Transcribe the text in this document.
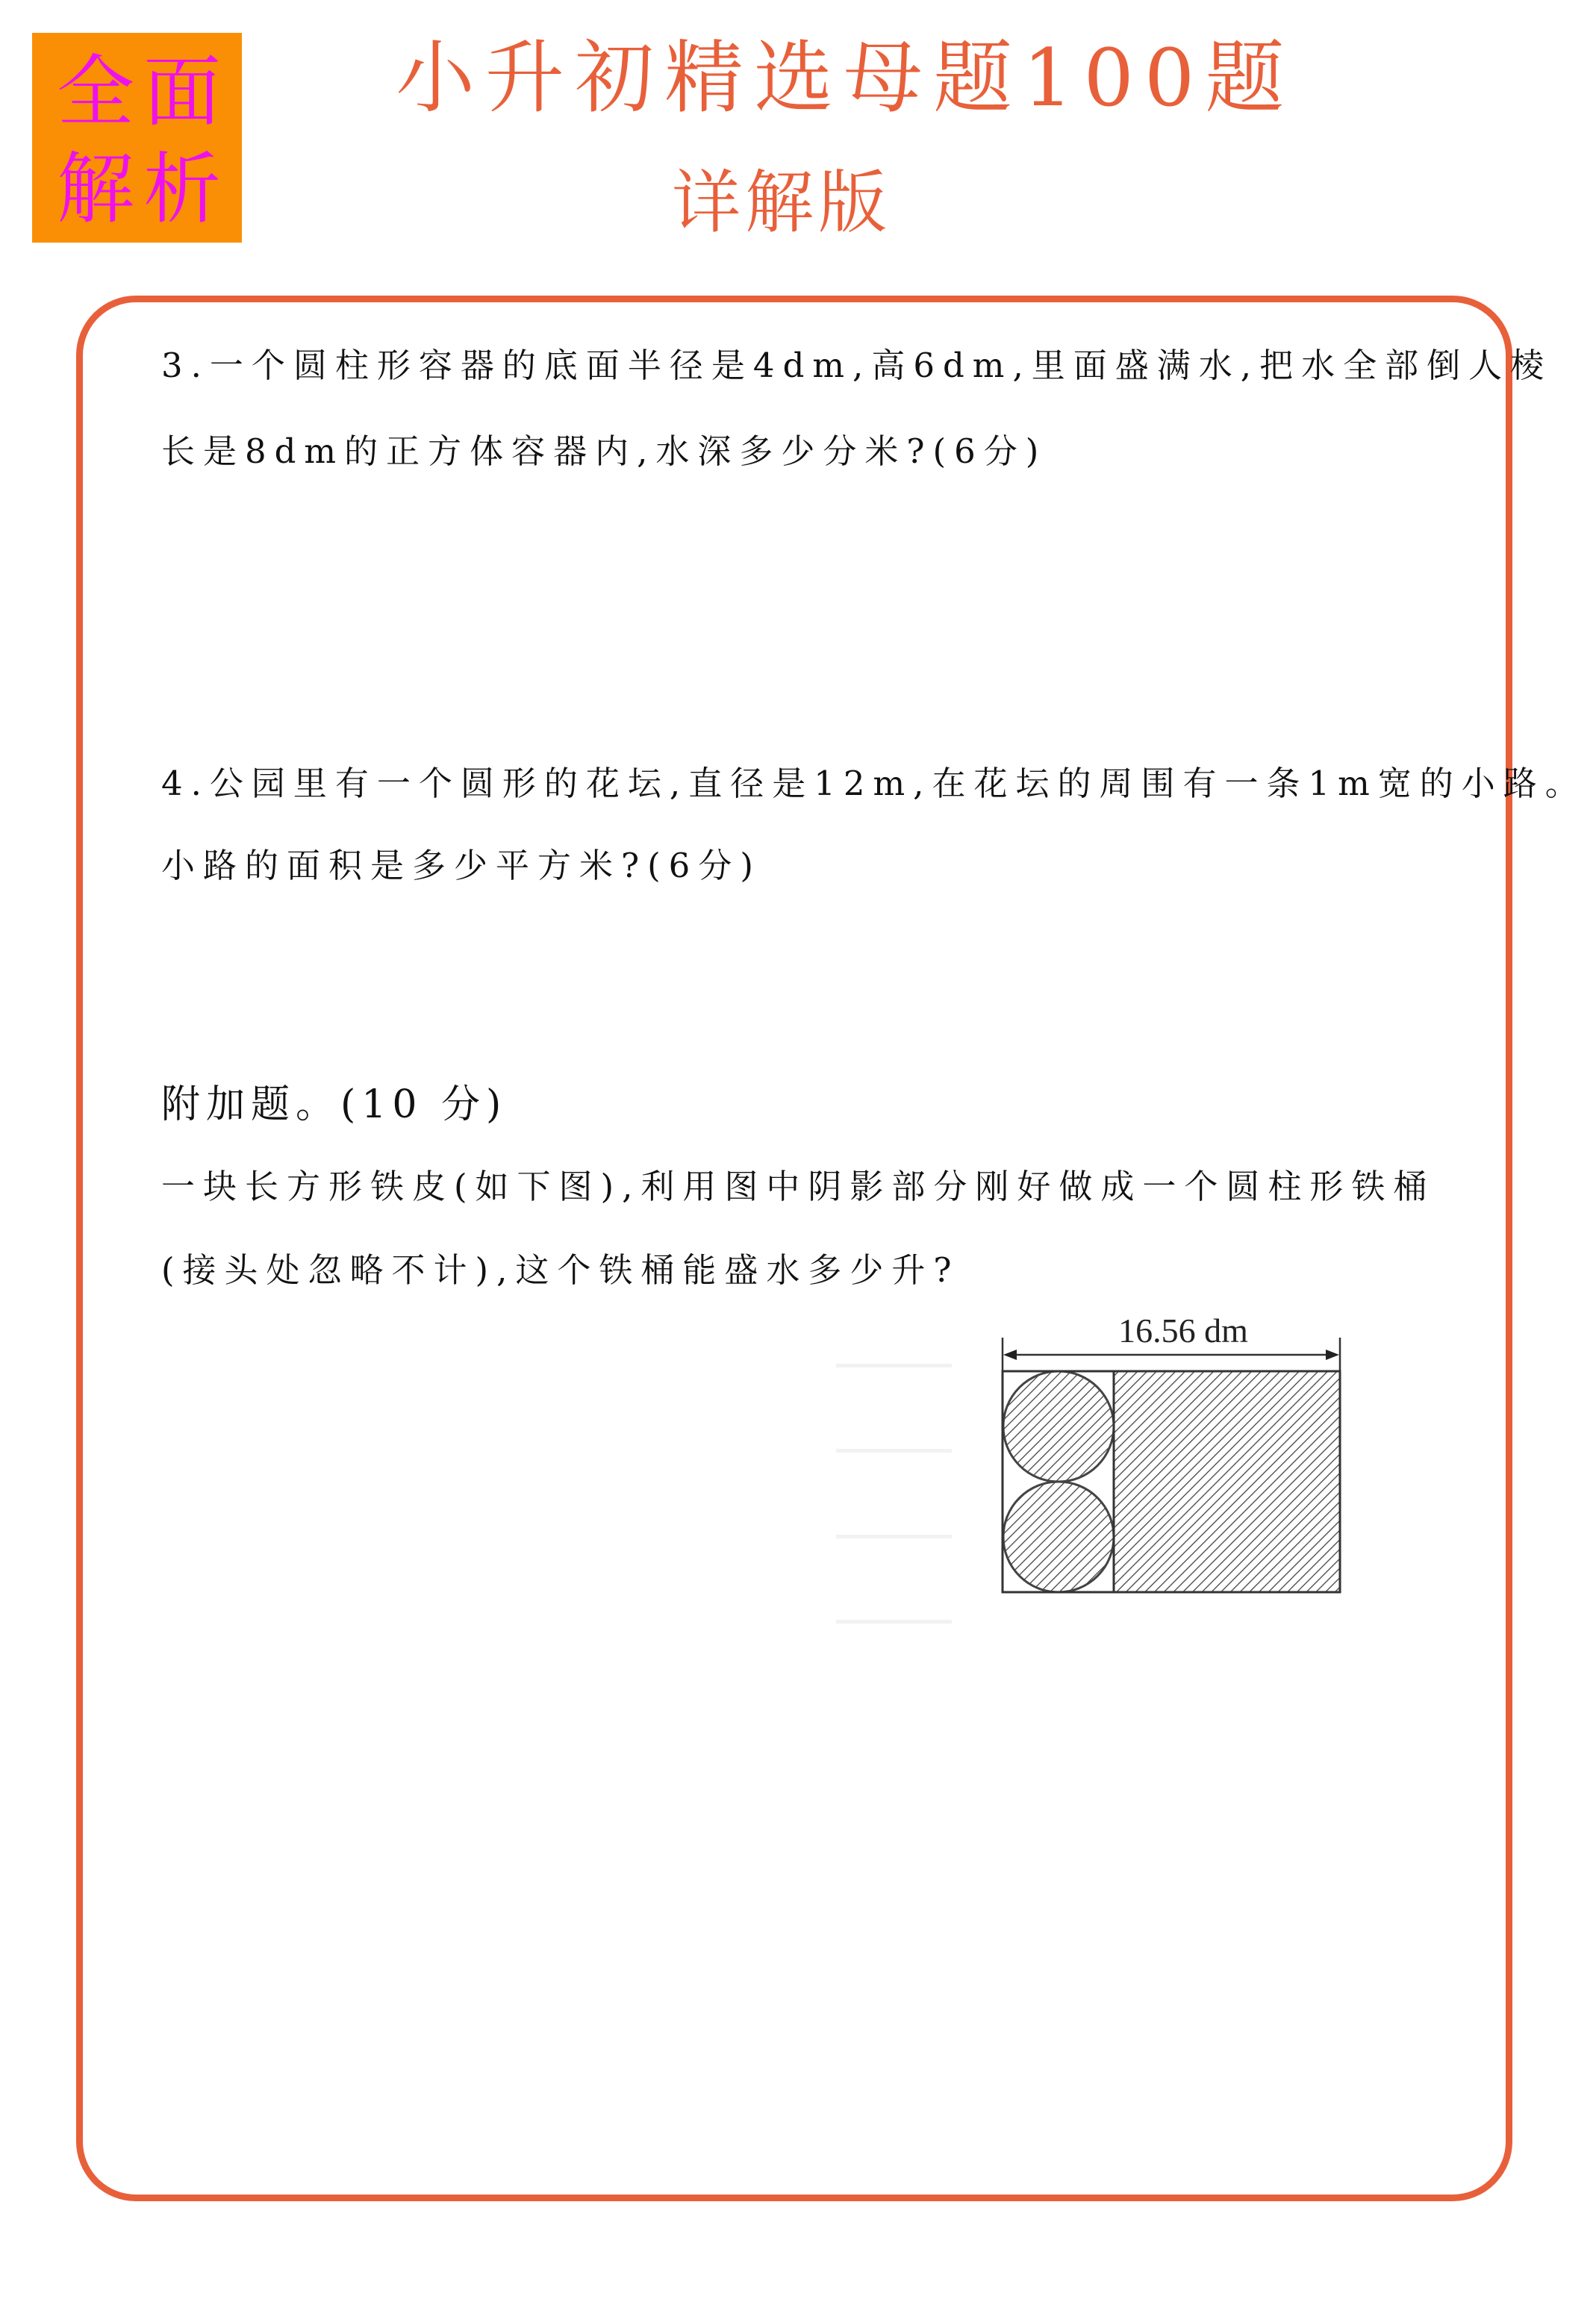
全 面
解 析
小升初精选母题100题
详解版
3.一个圆柱形容器的底面半径是4dm,高6dm,里面盛满水,把水全部倒人棱
长是8dm的正方体容器内,水深多少分米?(6分)
4.公园里有一个圆形的花坛,直径是12m,在花坛的周围有一条1m宽的小路。
小路的面积是多少平方米?(6分)
附加题。(10 分)
一块长方形铁皮(如下图),利用图中阴影部分刚好做成一个圆柱形铁桶
(接头处忽略不计),这个铁桶能盛水多少升?
16.56 dm
